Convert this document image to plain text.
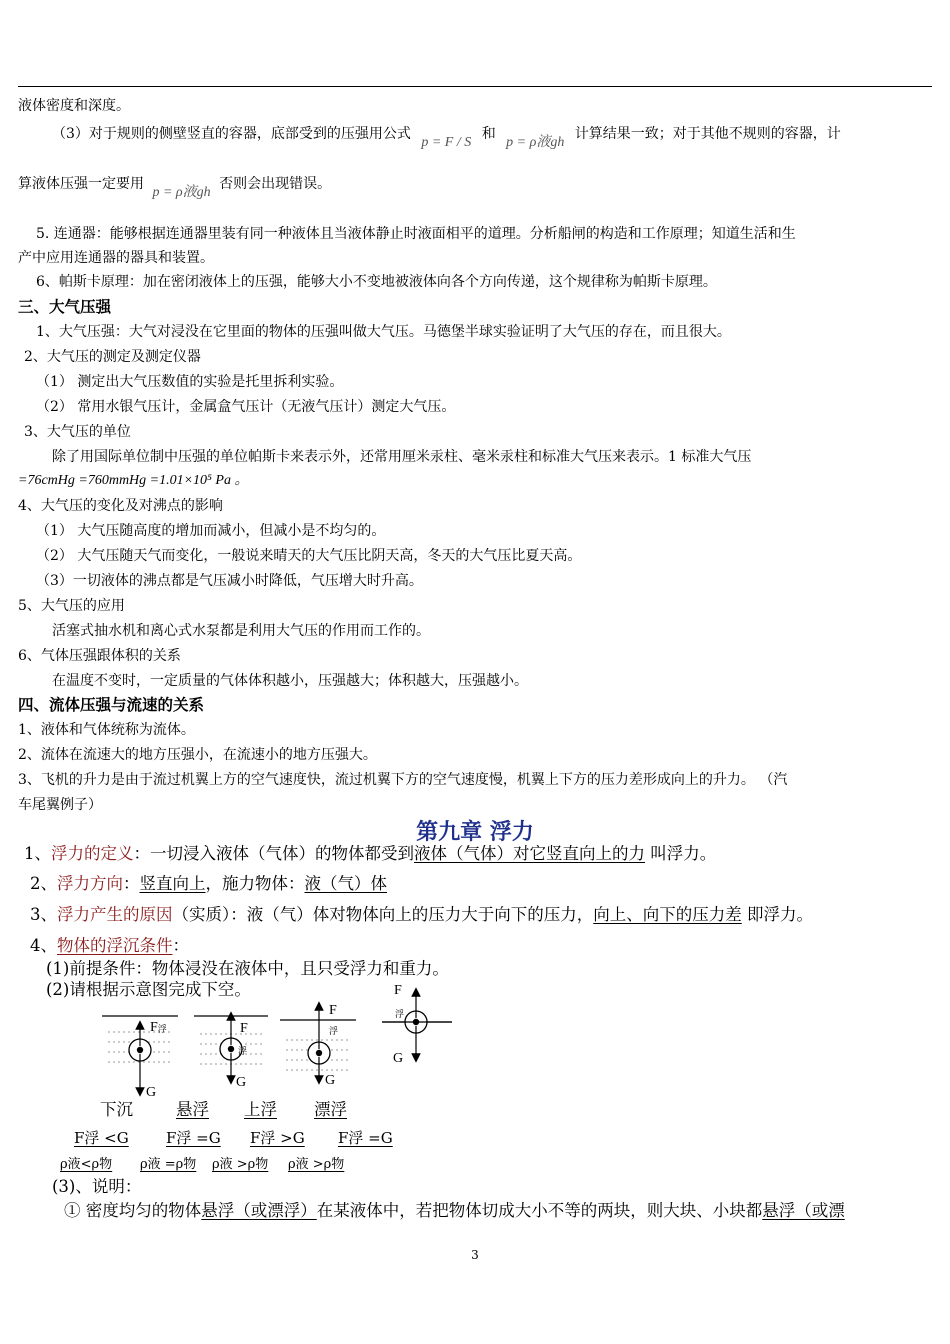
液体密度和深度。
（3）对于规则的侧壁竖直的容器，底部受到的压强用公式 p = F / S 和 p = ρ液gh 计算结果一致；对于其他不规则的容器，计
算液体压强一定要用 p = ρ液gh 否则会出现错误。
5. 连通器：能够根据连通器里装有同一种液体且当液体静止时液面相平的道理。分析船闸的构造和工作原理；知道生活和生
产中应用连通器的器具和装置。
6、帕斯卡原理：加在密闭液体上的压强，能够大小不变地被液体向各个方向传递，这个规律称为帕斯卡原理。
三、大气压强
1、大气压强：大气对浸没在它里面的物体的压强叫做大气压。马德堡半球实验证明了大气压的存在，而且很大。
2、大气压的测定及测定仪器
（1） 测定出大气压数值的实验是托里拆利实验。
（2） 常用水银气压计，金属盒气压计（无液气压计）测定大气压。
3、大气压的单位
除了用国际单位制中压强的单位帕斯卡来表示外，还常用厘米汞柱、毫米汞柱和标准大气压来表示。1 标准大气压
=76cmHg =760mmHg =1.01×10⁵ Pa 。
4、大气压的变化及对沸点的影响
（1） 大气压随高度的增加而减小，但减小是不均匀的。
（2） 大气压随天气而变化，一般说来晴天的大气压比阴天高，冬天的大气压比夏天高。
（3）一切液体的沸点都是气压减小时降低，气压增大时升高。
5、大气压的应用
活塞式抽水机和离心式水泵都是利用大气压的作用而工作的。
6、气体压强跟体积的关系
在温度不变时，一定质量的气体体积越小，压强越大；体积越大，压强越小。
四、流体压强与流速的关系
1、液体和气体统称为流体。
2、流体在流速大的地方压强小，在流速小的地方压强大。
3、飞机的升力是由于流过机翼上方的空气速度快，流过机翼下方的空气速度慢，机翼上下方的压力差形成向上的升力。 （汽
车尾翼例子）
第九章 浮力
1、浮力的定义：一切浸入液体（气体）的物体都受到液体（气体）对它竖直向上的力 叫浮力。
2、浮力方向：竖直向上，施力物体：液（气）体
3、浮力产生的原因（实质）：液（气）体对物体向上的压力大于向下的压力，向上、向下的压力差 即浮力。
4、物体的浮沉条件：
(1)前提条件：物体浸没在液体中，且只受浮力和重力。
(2)请根据示意图完成下空。
F浮
G
F
浮
G
F
浮
G
F
浮
G
下沉	悬浮 上浮 漂浮
F浮 <G F浮 =G F浮 >G F浮 =G
ρ液<ρ物 ρ液 =ρ物 ρ液 >ρ物 ρ液 >ρ物
(3)、说明：
① 密度均匀的物体悬浮（或漂浮）在某液体中，若把物体切成大小不等的两块，则大块、小块都悬浮（或漂
3
